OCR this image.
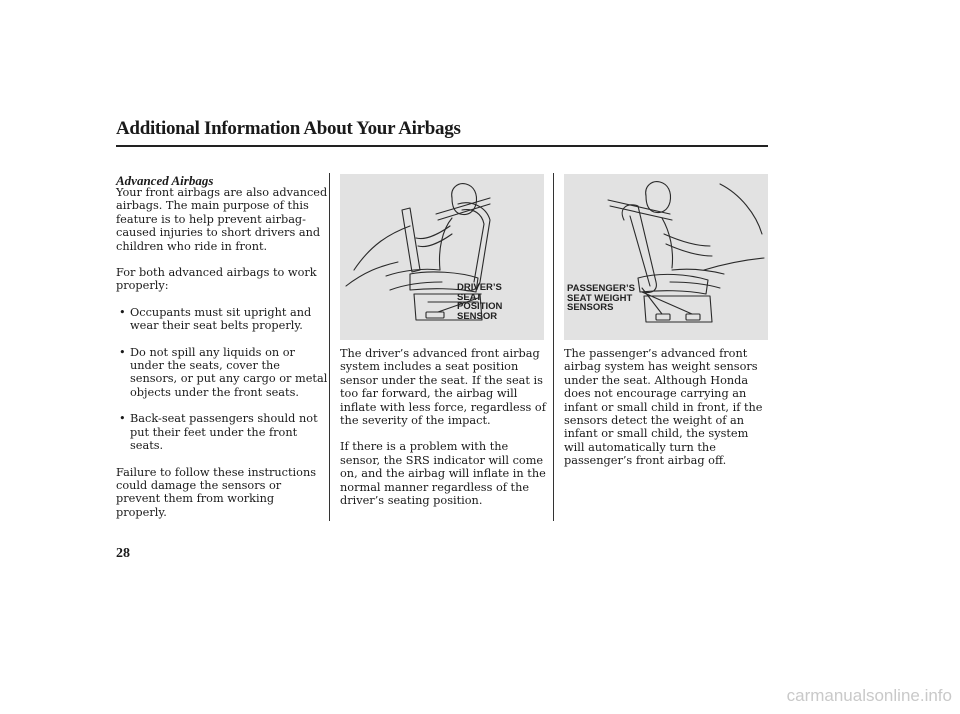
Additional Information About Your Airbags
Advanced Airbags

Your front airbags are also advanced airbags. The main purpose of this feature is to help prevent airbag-caused injuries to short drivers and children who ride in front.

For both advanced airbags to work properly:

• Occupants must sit upright and wear their seat belts properly.
• Do not spill any liquids on or under the seats, cover the sensors, or put any cargo or metal objects under the front seats.
• Back-seat passengers should not put their feet under the front seats.

Failure to follow these instructions could damage the sensors or prevent them from working properly.

DRIVER’S
SEAT
POSITION
SENSOR
PASSENGER’S
SEAT WEIGHT
SENSORS

The driver’s advanced front airbag system includes a seat position sensor under the seat. If the seat is too far forward, the airbag will inflate with less force, regardless of the severity of the impact.

If there is a problem with the sensor, the SRS indicator will come on, and the airbag will inflate in the normal manner regardless of the driver’s seating position.

The passenger’s advanced front airbag system has weight sensors under the seat. Although Honda does not encourage carrying an infant or small child in front, if the sensors detect the weight of an infant or small child, the system will automatically turn the passenger’s front airbag off.

28
carmanualsonline.info
